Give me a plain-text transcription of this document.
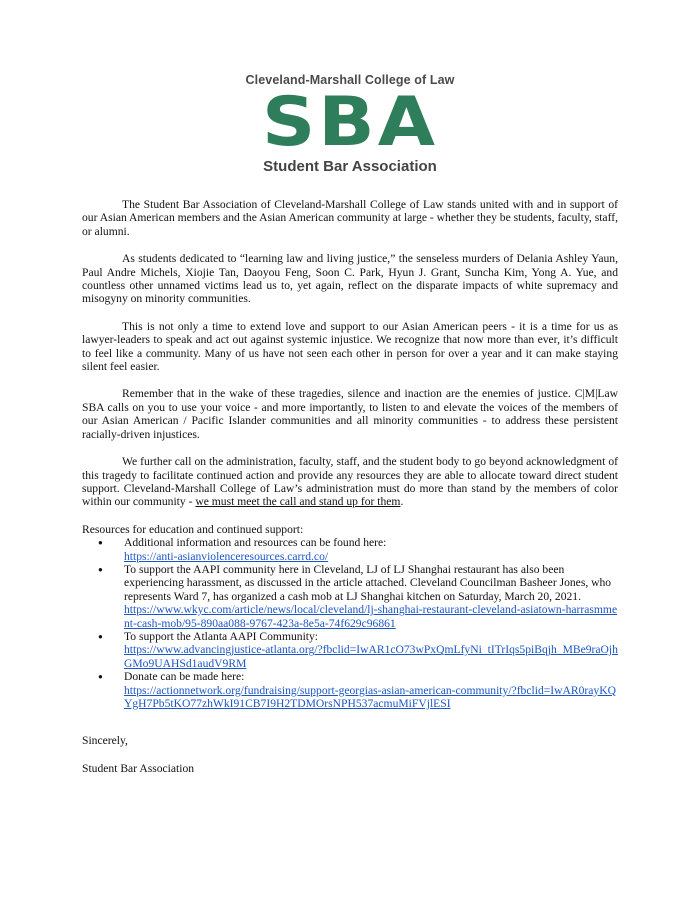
Cleveland-Marshall College of Law
SBA
Student Bar Association

The Student Bar Association of Cleveland-Marshall College of Law stands united with and in support of our Asian American members and the Asian American community at large - whether they be students, faculty, staff, or alumni.

As students dedicated to “learning law and living justice,” the senseless murders of Delania Ashley Yaun, Paul Andre Michels, Xiojie Tan, Daoyou Feng, Soon C. Park, Hyun J. Grant, Suncha Kim, Yong A. Yue, and countless other unnamed victims lead us to, yet again, reflect on the disparate impacts of white supremacy and misogyny on minority communities.

This is not only a time to extend love and support to our Asian American peers - it is a time for us as lawyer-leaders to speak and act out against systemic injustice. We recognize that now more than ever, it’s difficult to feel like a community. Many of us have not seen each other in person for over a year and it can make staying silent feel easier.

Remember that in the wake of these tragedies, silence and inaction are the enemies of justice. C|M|Law SBA calls on you to use your voice - and more importantly, to listen to and elevate the voices of the members of our Asian American / Pacific Islander communities and all minority communities - to address these persistent racially-driven injustices.

We further call on the administration, faculty, staff, and the student body to go beyond acknowledgment of this tragedy to facilitate continued action and provide any resources they are able to allocate toward direct student support. Cleveland-Marshall College of Law’s administration must do more than stand by the members of color within our community - we must meet the call and stand up for them.

Resources for education and continued support:

● Additional information and resources can be found here:
https://anti-asianviolenceresources.carrd.co/
● To support the AAPI community here in Cleveland, LJ of LJ Shanghai restaurant has also been experiencing harassment, as discussed in the article attached. Cleveland Councilman Basheer Jones, who represents Ward 7, has organized a cash mob at LJ Shanghai kitchen on Saturday, March 20, 2021.
https://www.wkyc.com/article/news/local/cleveland/lj-shanghai-restaurant-cleveland-asiatown-harrasmment-cash-mob/95-890aa088-9767-423a-8e5a-74f629c96861
● To support the Atlanta AAPI Community:
https://www.advancingjustice-atlanta.org/?fbclid=IwAR1cO73wPxQmLfyNi_tITrIqs5piBqjh_MBe9raOjhGMo9UAHSd1audV9RM
● Donate can be made here:
https://actionnetwork.org/fundraising/support-georgias-asian-american-community/?fbclid=IwAR0rayKQYgH7Pb5tKO77zhWkI91CB7I9H2TDMOrsNPH537acmuMiFVjlESI

Sincerely,

Student Bar Association
